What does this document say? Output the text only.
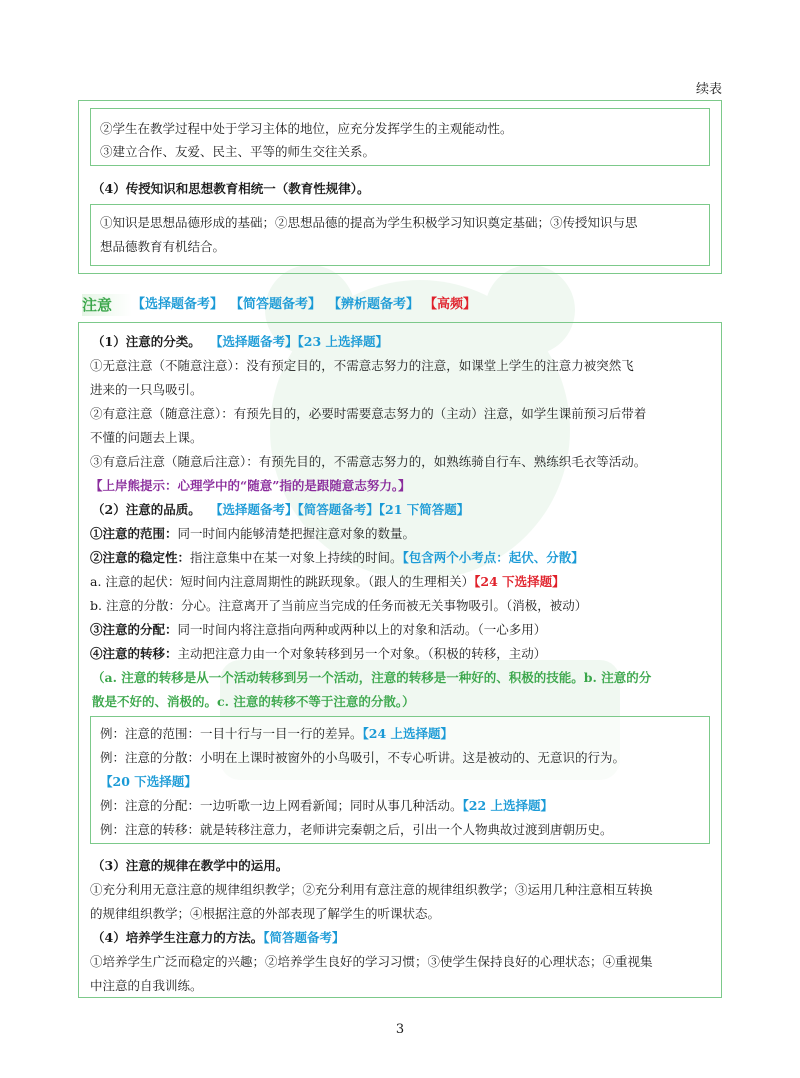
续表
②学生在教学过程中处于学习主体的地位，应充分发挥学生的主观能动性。
③建立合作、友爱、民主、平等的师生交往关系。
（4）传授知识和思想教育相统一（教育性规律）。
①知识是思想品德形成的基础；②思想品德的提高为学生积极学习知识奠定基础；③传授知识与思
想品德教育有机结合。
注意	【选择题备考】 【简答题备考】 【辨析题备考】 【高频】
（1）注意的分类。 【选择题备考】【23 上选择题】
①无意注意（不随意注意）：没有预定目的，不需意志努力的注意，如课堂上学生的注意力被突然飞
进来的一只鸟吸引。
②有意注意（随意注意）：有预先目的，必要时需要意志努力的（主动）注意，如学生课前预习后带着
不懂的问题去上课。
③有意后注意（随意后注意）：有预先目的，不需意志努力的，如熟练骑自行车、熟练织毛衣等活动。
【上岸熊提示：心理学中的“随意”指的是跟随意志努力。】
（2）注意的品质。 【选择题备考】【简答题备考】【21 下简答题】
①注意的范围：同一时间内能够清楚把握注意对象的数量。
②注意的稳定性：指注意集中在某一对象上持续的时间。【包含两个小考点：起伏、分散】
a. 注意的起伏：短时间内注意周期性的跳跃现象。（跟人的生理相关）【24 下选择题】
b. 注意的分散：分心。注意离开了当前应当完成的任务而被无关事物吸引。（消极，被动）
③注意的分配：同一时间内将注意指向两种或两种以上的对象和活动。（一心多用）
④注意的转移：主动把注意力由一个对象转移到另一个对象。（积极的转移，主动）
（a. 注意的转移是从一个活动转移到另一个活动，注意的转移是一种好的、积极的技能。b. 注意的分
散是不好的、消极的。c. 注意的转移不等于注意的分散。）
例：注意的范围：一目十行与一目一行的差异。【24 上选择题】
例：注意的分散：小明在上课时被窗外的小鸟吸引，不专心听讲。这是被动的、无意识的行为。
【20 下选择题】
例：注意的分配：一边听歌一边上网看新闻；同时从事几种活动。【22 上选择题】
例：注意的转移：就是转移注意力，老师讲完秦朝之后，引出一个人物典故过渡到唐朝历史。
（3）注意的规律在教学中的运用。
①充分利用无意注意的规律组织教学；②充分利用有意注意的规律组织教学；③运用几种注意相互转换
的规律组织教学；④根据注意的外部表现了解学生的听课状态。
（4）培养学生注意力的方法。【简答题备考】
①培养学生广泛而稳定的兴趣；②培养学生良好的学习习惯；③使学生保持良好的心理状态；④重视集
中注意的自我训练。
3
